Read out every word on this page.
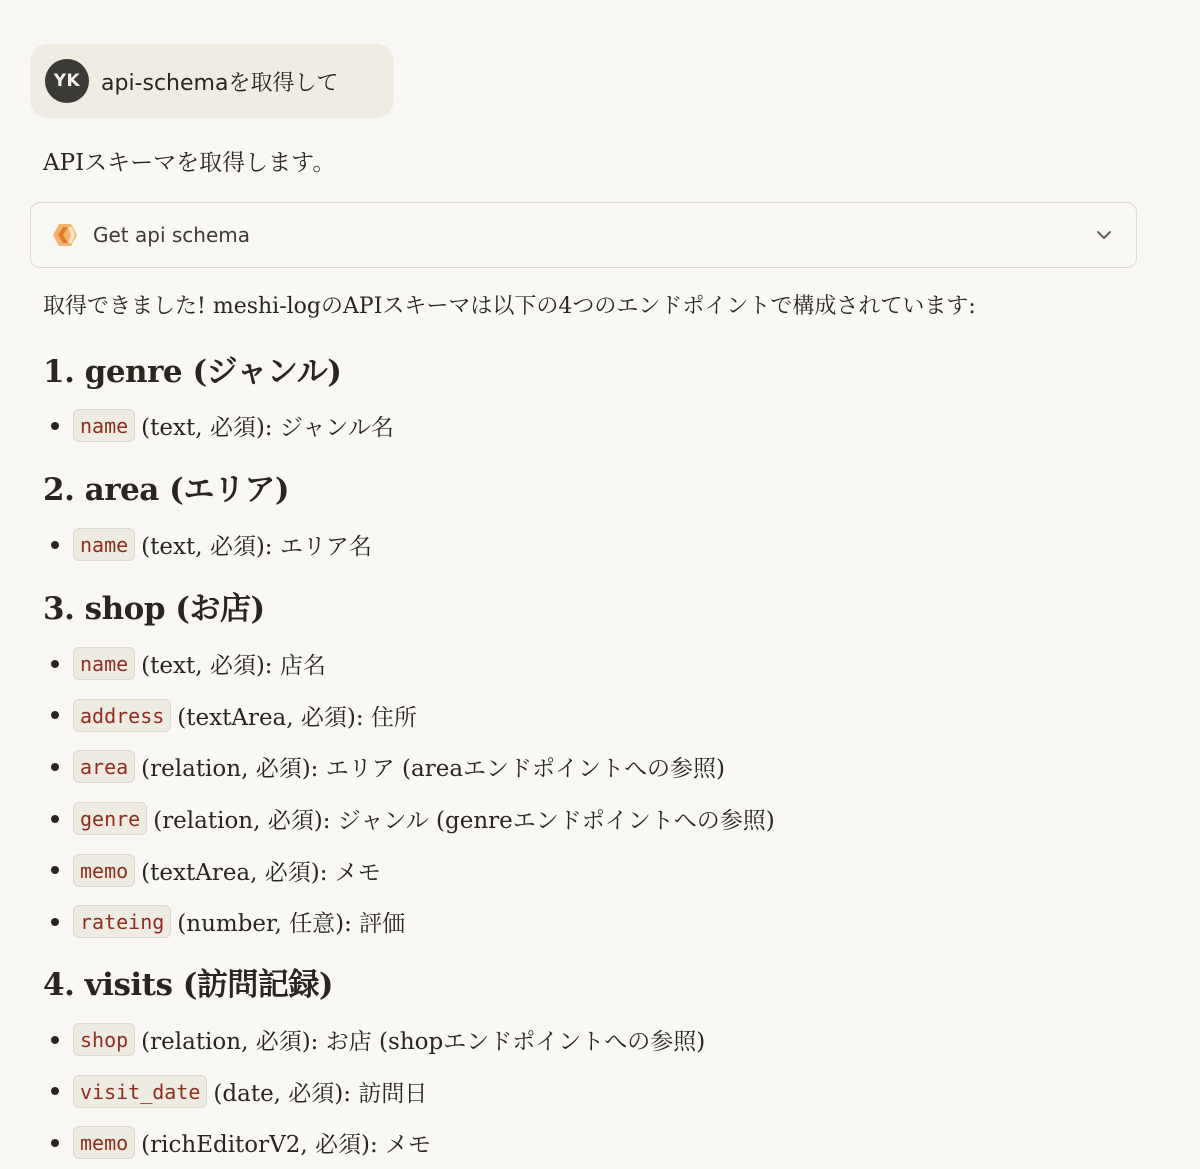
YK api-schemaを取得して
APIスキーマを取得します。
Get api schema
取得できました! meshi-logのAPIスキーマは以下の4つのエンドポイントで構成されています:
1. genre (ジャンル)
name (text, 必須): ジャンル名
2. area (エリア)
name (text, 必須): エリア名
3. shop (お店)
name (text, 必須): 店名
address (textArea, 必須): 住所
area (relation, 必須): エリア (areaエンドポイントへの参照)
genre (relation, 必須): ジャンル (genreエンドポイントへの参照)
memo (textArea, 必須): メモ
rateing (number, 任意): 評価
4. visits (訪問記録)
shop (relation, 必須): お店 (shopエンドポイントへの参照)
visit_date (date, 必須): 訪問日
memo (richEditorV2, 必須): メモ
